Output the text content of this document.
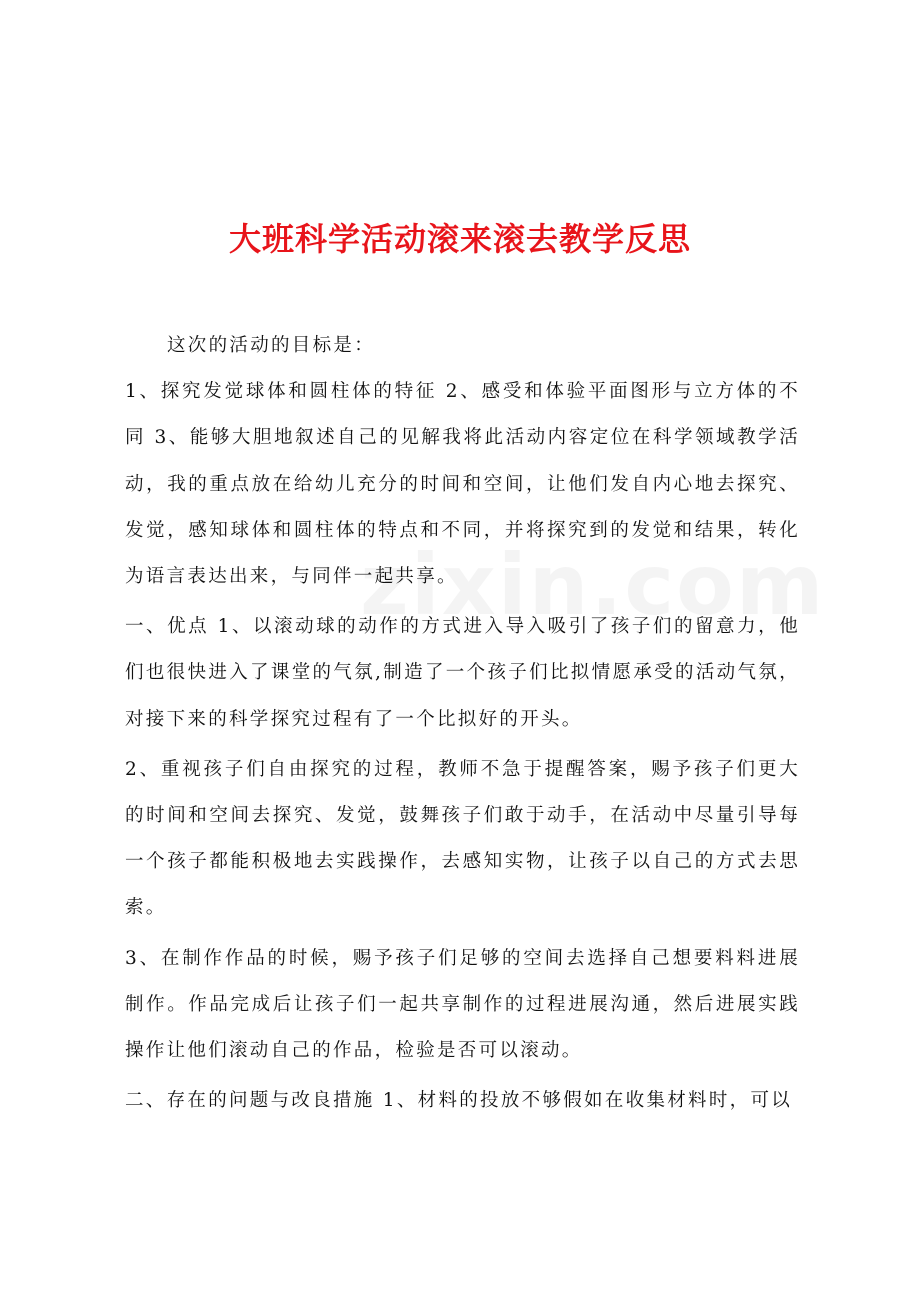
大班科学活动滚来滚去教学反思

这次的活动的目标是：

1、探究发觉球体和圆柱体的特征 2、感受和体验平面图形与立方体的不同 3、能够大胆地叙述自己的见解我将此活动内容定位在科学领域教学活动，我的重点放在给幼儿充分的时间和空间，让他们发自内心地去探究、发觉，感知球体和圆柱体的特点和不同，并将探究到的发觉和结果，转化为语言表达出来，与同伴一起共享。

一、优点 1、以滚动球的动作的方式进入导入吸引了孩子们的留意力，他们也很快进入了课堂的气氛,制造了一个孩子们比拟情愿承受的活动气氛，对接下来的科学探究过程有了一个比拟好的开头。

2、重视孩子们自由探究的过程，教师不急于提醒答案，赐予孩子们更大的时间和空间去探究、发觉，鼓舞孩子们敢于动手，在活动中尽量引导每一个孩子都能积极地去实践操作，去感知实物，让孩子以自己的方式去思索。

3、在制作作品的时候，赐予孩子们足够的空间去选择自己想要料料进展制作。作品完成后让孩子们一起共享制作的过程进展沟通，然后进展实践操作让他们滚动自己的作品，检验是否可以滚动。

二、存在的问题与改良措施 1、材料的投放不够假如在收集材料时，可以
